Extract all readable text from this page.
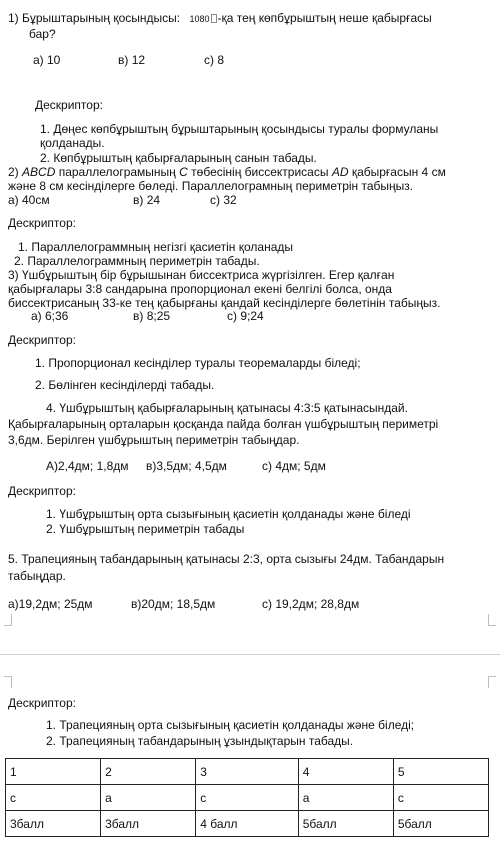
1) Бұрыштарының қосындысы: 1080 -қа тең көпбұрыштың неше қабырғасы
бар?
а) 10	в) 12	с) 8
Дескриптор:
1. Дөңес көпбұрыштың бұрыштарының қосындысы туралы формуланы
қолданады.
2. Көпбұрыштың қабырғаларының санын табады.
2) ABCD параллелограмының С төбесінің биссектрисасы AD қабырғасын 4 см
және 8 см кесінділерге бөледі. Параллелограмның периметрін табыңыз.
а) 40см	в) 24	с) 32
Дескриптор:
1. Параллелограммның негізгі қасиетін қоланады
2. Параллелограммның периметрін табады.
3) Үшбұрыштың бір бұрышынан биссектриса жүргізілген. Егер қалған
қабырғалары 3:8 сандарына пропорционал екені белгілі болса, онда
биссектрисаның 33-ке тең қабырғаны қандай кесінділерге бөлетінін табыңыз.
а) 6;36	в) 8;25	с) 9;24
Дескриптор:
1. Пропорционал кесінділер туралы теоремаларды біледі;
2. Бөлінген кесінділерді табады.
4. Үшбұрыштың қабырғаларының қатынасы 4:3:5 қатынасындай.
Қабырғаларының орталарын қосқанда пайда болған үшбұрыштың периметрі
3,6дм. Берілген үшбұрыштың периметрін табыңдар.
А)2,4дм; 1,8дм в)3,5дм; 4,5дм	с) 4дм; 5дм
Дескриптор:
1. Үшбұрыштың орта сызығының қасиетін қолданады және біледі
2. Үшбұрыштың периметрін табады
5. Трапецияның табандарының қатынасы 2:3, орта сызығы 24дм. Табандарын
табыңдар.
а)19,2дм; 25дм	в)20дм; 18,5дм	с) 19,2дм; 28,8дм
Дескриптор:
1. Трапецияның орта сызығының қасиетін қолданады және біледі;
2. Трапецияның табандарының ұзындықтарын табады.
1	2	3	4	5
с	а	с	а	с
3балл	3балл	4 балл	5балл	5балл
